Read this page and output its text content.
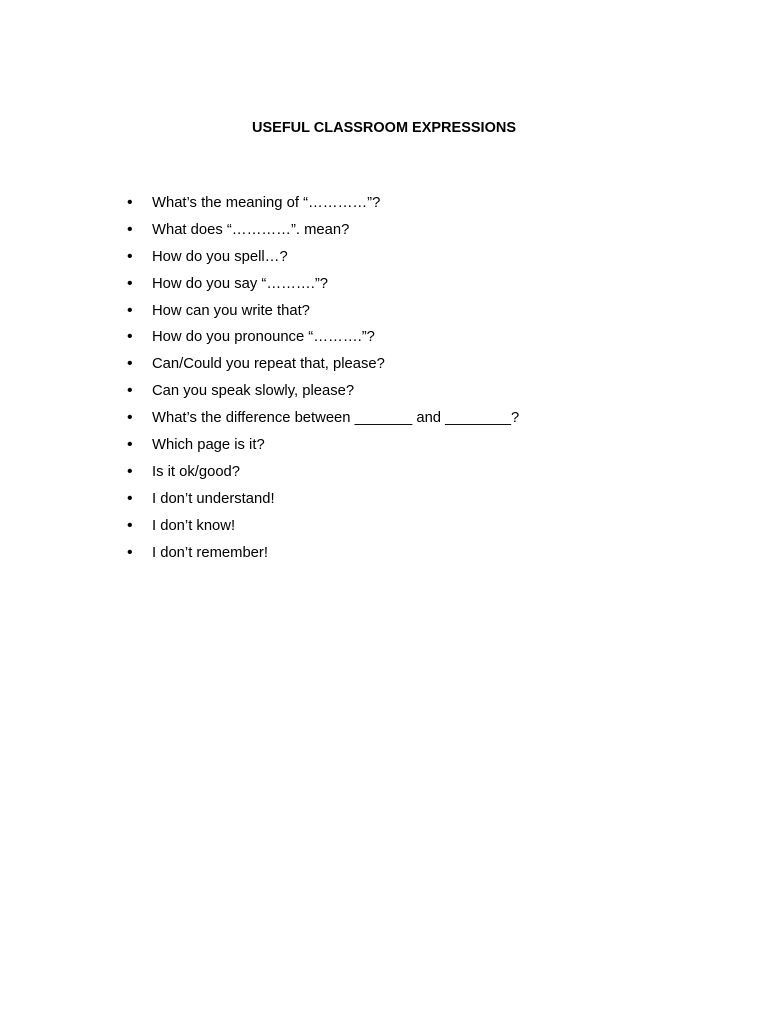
USEFUL CLASSROOM EXPRESSIONS
• What’s the meaning of “…………”?
• What does “…………”. mean?
• How do you spell…?
• How do you say “……….”?
• How can you write that?
• How do you pronounce “……….”?
• Can/Could you repeat that, please?
• Can you speak slowly, please?
• What’s the difference between _______ and ________?
• Which page is it?
• Is it ok/good?
• I don’t understand!
• I don’t know!
• I don’t remember!
